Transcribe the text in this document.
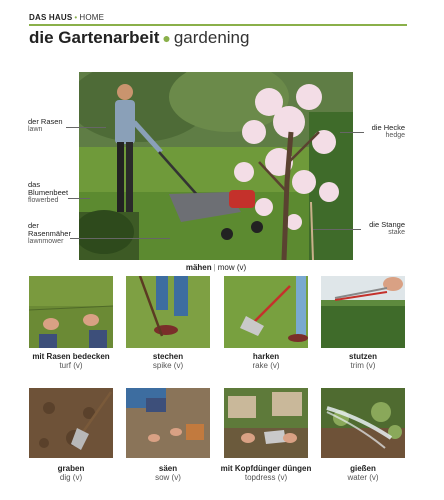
DAS HAUS • HOME
die Gartenarbeit ● gardening
der Rasen
lawn
das
Blumenbeet
flowerbed
der
Rasenmäher
lawnmower
die Hecke
hedge
die Stange
stake
mähen | mow (v)
mit Rasen bedecken
turf (v)
stechen
spike (v)
harken
rake (v)
stutzen
trim (v)
graben
dig (v)
säen
sow (v)
mit Kopfdünger düngen
topdress (v)
gießen
water (v)
